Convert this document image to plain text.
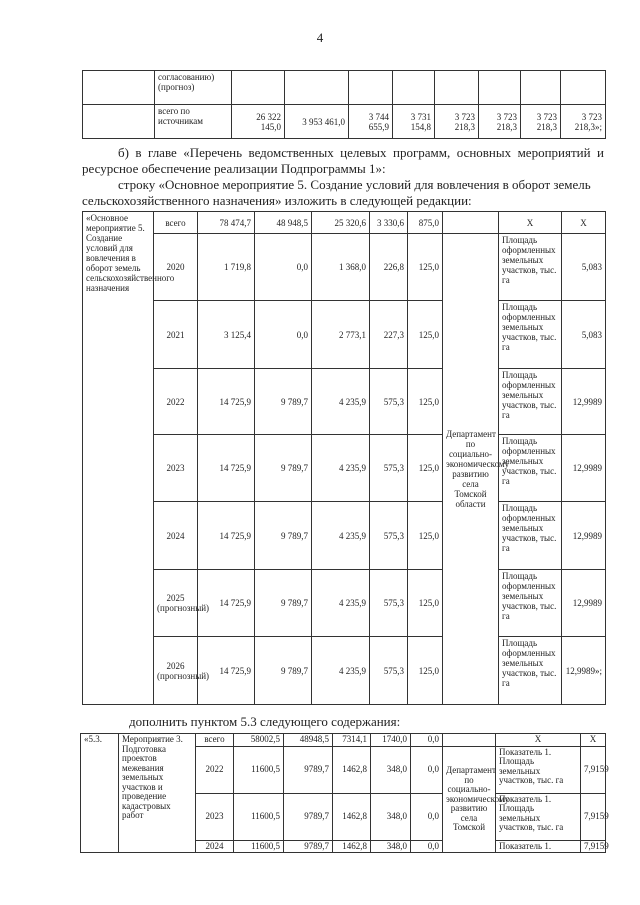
4
	согласованию) (прогноз)								
	всего по источникам	26 322 145,0	3 953 461,0	3 744 655,9	3 731 154,8	3 723 218,3	3 723 218,3	3 723 218,3	3 723 218,3»;
б) в главе «Перечень ведомственных целевых программ, основных мероприятий и ресурсное обеспечение реализации Подпрограммы 1»:
строку «Основное мероприятие 5. Создание условий для вовлечения в оборот земель
сельскохозяйственного назначения» изложить в следующей редакции:
«Основное мероприятие 5. Создание условий для вовлечения в оборот земель сельскохозяйственного назначения	всего	78 474,7	48 948,5	25 320,6	3 330,6	875,0		Х	Х
	2020	1 719,8	0,0	1 368,0	226,8	125,0	Департамент по социально-экономическому развитию села Томской области	Площадь оформленных земельных участков, тыс. га	5,083
	2021	3 125,4	0,0	2 773,1	227,3	125,0		Площадь оформленных земельных участков, тыс. га	5,083
	2022	14 725,9	9 789,7	4 235,9	575,3	125,0		Площадь оформленных земельных участков, тыс. га	12,9989
	2023	14 725,9	9 789,7	4 235,9	575,3	125,0		Площадь оформленных земельных участков, тыс. га	12,9989
	2024	14 725,9	9 789,7	4 235,9	575,3	125,0		Площадь оформленных земельных участков, тыс. га	12,9989
	2025 (прогнозный)	14 725,9	9 789,7	4 235,9	575,3	125,0		Площадь оформленных земельных участков, тыс. га	12,9989
	2026 (прогнозный)	14 725,9	9 789,7	4 235,9	575,3	125,0		Площадь оформленных земельных участков, тыс. га	12,9989»;
дополнить пунктом 5.3 следующего содержания:
«5.3.	Мероприятие 3. Подготовка проектов межевания земельных участков и проведение кадастровых работ	всего	58002,5	48948,5	7314,1	1740,0	0,0		Х	Х
		2022	11600,5	9789,7	1462,8	348,0	0,0	Департамент по социально-экономическому развитию села Томской	Показатель 1. Площадь земельных участков, тыс. га	7,9159
		2023	11600,5	9789,7	1462,8	348,0	0,0		Показатель 1. Площадь земельных участков, тыс. га	7,9159
		2024	11600,5	9789,7	1462,8	348,0	0,0		Показатель 1.	7,9159
